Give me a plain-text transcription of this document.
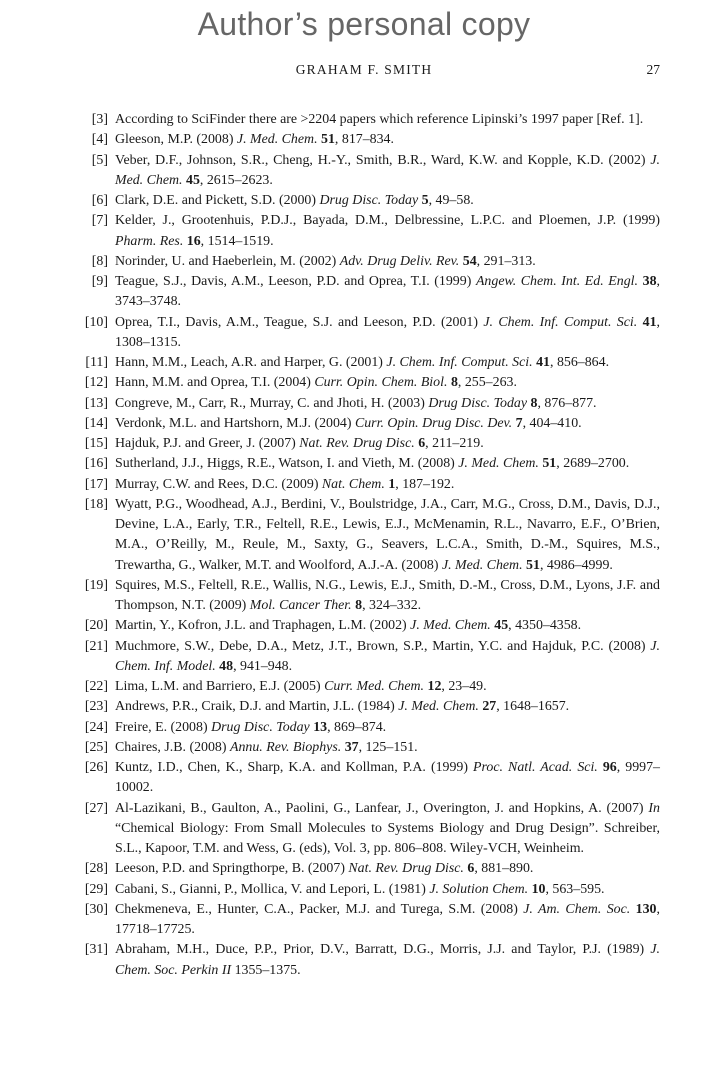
Author’s personal copy
GRAHAM F. SMITH	27
[3] According to SciFinder there are >2204 papers which reference Lipinski’s 1997 paper [Ref. 1].
[4] Gleeson, M.P. (2008) J. Med. Chem. 51, 817–834.
[5] Veber, D.F., Johnson, S.R., Cheng, H.-Y., Smith, B.R., Ward, K.W. and Kopple, K.D. (2002) J. Med. Chem. 45, 2615–2623.
[6] Clark, D.E. and Pickett, S.D. (2000) Drug Disc. Today 5, 49–58.
[7] Kelder, J., Grootenhuis, P.D.J., Bayada, D.M., Delbressine, L.P.C. and Ploemen, J.P. (1999) Pharm. Res. 16, 1514–1519.
[8] Norinder, U. and Haeberlein, M. (2002) Adv. Drug Deliv. Rev. 54, 291–313.
[9] Teague, S.J., Davis, A.M., Leeson, P.D. and Oprea, T.I. (1999) Angew. Chem. Int. Ed. Engl. 38, 3743–3748.
[10] Oprea, T.I., Davis, A.M., Teague, S.J. and Leeson, P.D. (2001) J. Chem. Inf. Comput. Sci. 41, 1308–1315.
[11] Hann, M.M., Leach, A.R. and Harper, G. (2001) J. Chem. Inf. Comput. Sci. 41, 856–864.
[12] Hann, M.M. and Oprea, T.I. (2004) Curr. Opin. Chem. Biol. 8, 255–263.
[13] Congreve, M., Carr, R., Murray, C. and Jhoti, H. (2003) Drug Disc. Today 8, 876–877.
[14] Verdonk, M.L. and Hartshorn, M.J. (2004) Curr. Opin. Drug Disc. Dev. 7, 404–410.
[15] Hajduk, P.J. and Greer, J. (2007) Nat. Rev. Drug Disc. 6, 211–219.
[16] Sutherland, J.J., Higgs, R.E., Watson, I. and Vieth, M. (2008) J. Med. Chem. 51, 2689–2700.
[17] Murray, C.W. and Rees, D.C. (2009) Nat. Chem. 1, 187–192.
[18] Wyatt, P.G., Woodhead, A.J., Berdini, V., Boulstridge, J.A., Carr, M.G., Cross, D.M., Davis, D.J., Devine, L.A., Early, T.R., Feltell, R.E., Lewis, E.J., McMenamin, R.L., Navarro, E.F., O’Brien, M.A., O’Reilly, M., Reule, M., Saxty, G., Seavers, L.C.A., Smith, D.-M., Squires, M.S., Trewartha, G., Walker, M.T. and Woolford, A.J.-A. (2008) J. Med. Chem. 51, 4986–4999.
[19] Squires, M.S., Feltell, R.E., Wallis, N.G., Lewis, E.J., Smith, D.-M., Cross, D.M., Lyons, J.F. and Thompson, N.T. (2009) Mol. Cancer Ther. 8, 324–332.
[20] Martin, Y., Kofron, J.L. and Traphagen, L.M. (2002) J. Med. Chem. 45, 4350–4358.
[21] Muchmore, S.W., Debe, D.A., Metz, J.T., Brown, S.P., Martin, Y.C. and Hajduk, P.C. (2008) J. Chem. Inf. Model. 48, 941–948.
[22] Lima, L.M. and Barriero, E.J. (2005) Curr. Med. Chem. 12, 23–49.
[23] Andrews, P.R., Craik, D.J. and Martin, J.L. (1984) J. Med. Chem. 27, 1648–1657.
[24] Freire, E. (2008) Drug Disc. Today 13, 869–874.
[25] Chaires, J.B. (2008) Annu. Rev. Biophys. 37, 125–151.
[26] Kuntz, I.D., Chen, K., Sharp, K.A. and Kollman, P.A. (1999) Proc. Natl. Acad. Sci. 96, 9997–10002.
[27] Al-Lazikani, B., Gaulton, A., Paolini, G., Lanfear, J., Overington, J. and Hopkins, A. (2007) In “Chemical Biology: From Small Molecules to Systems Biology and Drug Design”. Schreiber, S.L., Kapoor, T.M. and Wess, G. (eds), Vol. 3, pp. 806–808. Wiley-VCH, Weinheim.
[28] Leeson, P.D. and Springthorpe, B. (2007) Nat. Rev. Drug Disc. 6, 881–890.
[29] Cabani, S., Gianni, P., Mollica, V. and Lepori, L. (1981) J. Solution Chem. 10, 563–595.
[30] Chekmeneva, E., Hunter, C.A., Packer, M.J. and Turega, S.M. (2008) J. Am. Chem. Soc. 130, 17718–17725.
[31] Abraham, M.H., Duce, P.P., Prior, D.V., Barratt, D.G., Morris, J.J. and Taylor, P.J. (1989) J. Chem. Soc. Perkin II 1355–1375.
